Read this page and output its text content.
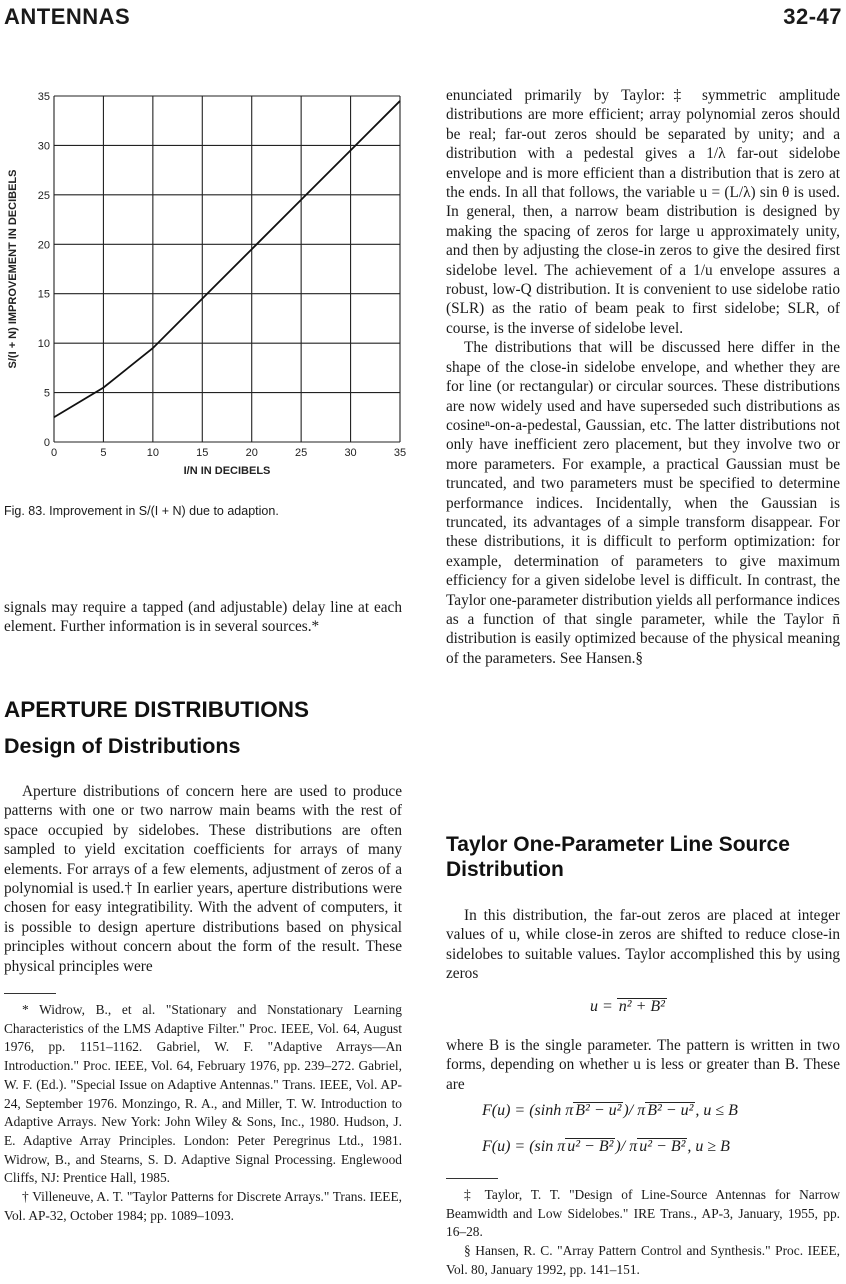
ANTENNAS	32-47
0	5	10	15	20	25	30	35
0
5
10
15
20
25
30
35
I/N IN DECIBELS
S/(I + N) IMPROVEMENT IN DECIBELS
Fig. 83. Improvement in S/(I + N) due to adaption.

signals may require a tapped (and adjustable) delay line at each element. Further information is in several sources.*

APERTURE DISTRIBUTIONS
Design of Distributions

Aperture distributions of concern here are used to produce patterns with one or two narrow main beams with the rest of space occupied by sidelobes. These distributions are often sampled to yield excitation coefficients for arrays of many elements. For arrays of a few elements, adjustment of zeros of a polynomial is used.† In earlier years, aperture distributions were chosen for easy integratibility. With the advent of computers, it is possible to design aperture distributions based on physical principles without concern about the form of the result. These physical principles were

* Widrow, B., et al. "Stationary and Nonstationary Learning Characteristics of the LMS Adaptive Filter." Proc. IEEE, Vol. 64, August 1976, pp. 1151–1162. Gabriel, W. F. "Adaptive Arrays—An Introduction." Proc. IEEE, Vol. 64, February 1976, pp. 239–272. Gabriel, W. F. (Ed.). "Special Issue on Adaptive Antennas." Trans. IEEE, Vol. AP-24, September 1976. Monzingo, R. A., and Miller, T. W. Introduction to Adaptive Arrays. New York: John Wiley & Sons, Inc., 1980. Hudson, J. E. Adaptive Array Principles. London: Peter Peregrinus Ltd., 1981. Widrow, B., and Stearns, S. D. Adaptive Signal Processing. Englewood Cliffs, NJ: Prentice Hall, 1985.

† Villeneuve, A. T. "Taylor Patterns for Discrete Arrays." Trans. IEEE, Vol. AP-32, October 1984; pp. 1089–1093.

enunciated primarily by Taylor:‡ symmetric amplitude distributions are more efficient; array polynomial zeros should be real; far-out zeros should be separated by unity; and a distribution with a pedestal gives a 1/λ far-out sidelobe envelope and is more efficient than a distribution that is zero at the ends. In all that follows, the variable u = (L/λ) sin θ is used. In general, then, a narrow beam distribution is designed by making the spacing of zeros for large u approximately unity, and then by adjusting the close-in zeros to give the desired first sidelobe level. The achievement of a 1/u envelope assures a robust, low-Q distribution. It is convenient to use sidelobe ratio (SLR) as the ratio of beam peak to first sidelobe; SLR, of course, is the inverse of sidelobe level.

The distributions that will be discussed here differ in the shape of the close-in sidelobe envelope, and whether they are for line (or rectangular) or circular sources. These distributions are now widely used and have superseded such distributions as cosineⁿ-on-a-pedestal, Gaussian, etc. The latter distributions not only have inefficient zero placement, but they involve two or more parameters. For example, a practical Gaussian must be truncated, and two parameters must be specified to determine performance indices. Incidentally, when the Gaussian is truncated, its advantages of a simple transform disappear. For these distributions, it is difficult to perform optimization: for example, determination of parameters to give maximum efficiency for a given sidelobe level is difficult. In contrast, the Taylor one-parameter distribution yields all performance indices as a function of that single parameter, while the Taylor n̄ distribution is easily optimized because of the physical meaning of the parameters. See Hansen.§

Taylor One-Parameter Line Source Distribution

In this distribution, the far-out zeros are placed at integer values of u, while close-in zeros are shifted to reduce close-in sidelobes to suitable values. Taylor accomplished this by using zeros

u = n² + B²

where B is the single parameter. The pattern is written in two forms, depending on whether u is less or greater than B. These are

F(u) = (sinh π B² − u² )/ π B² − u² , u ≤ B
F(u) = (sin π u² − B² )/ π u² − B² , u ≥ B

‡ Taylor, T. T. "Design of Line-Source Antennas for Narrow Beamwidth and Low Sidelobes." IRE Trans., AP-3, January, 1955, pp. 16–28.

§ Hansen, R. C. "Array Pattern Control and Synthesis." Proc. IEEE, Vol. 80, January 1992, pp. 141–151.
